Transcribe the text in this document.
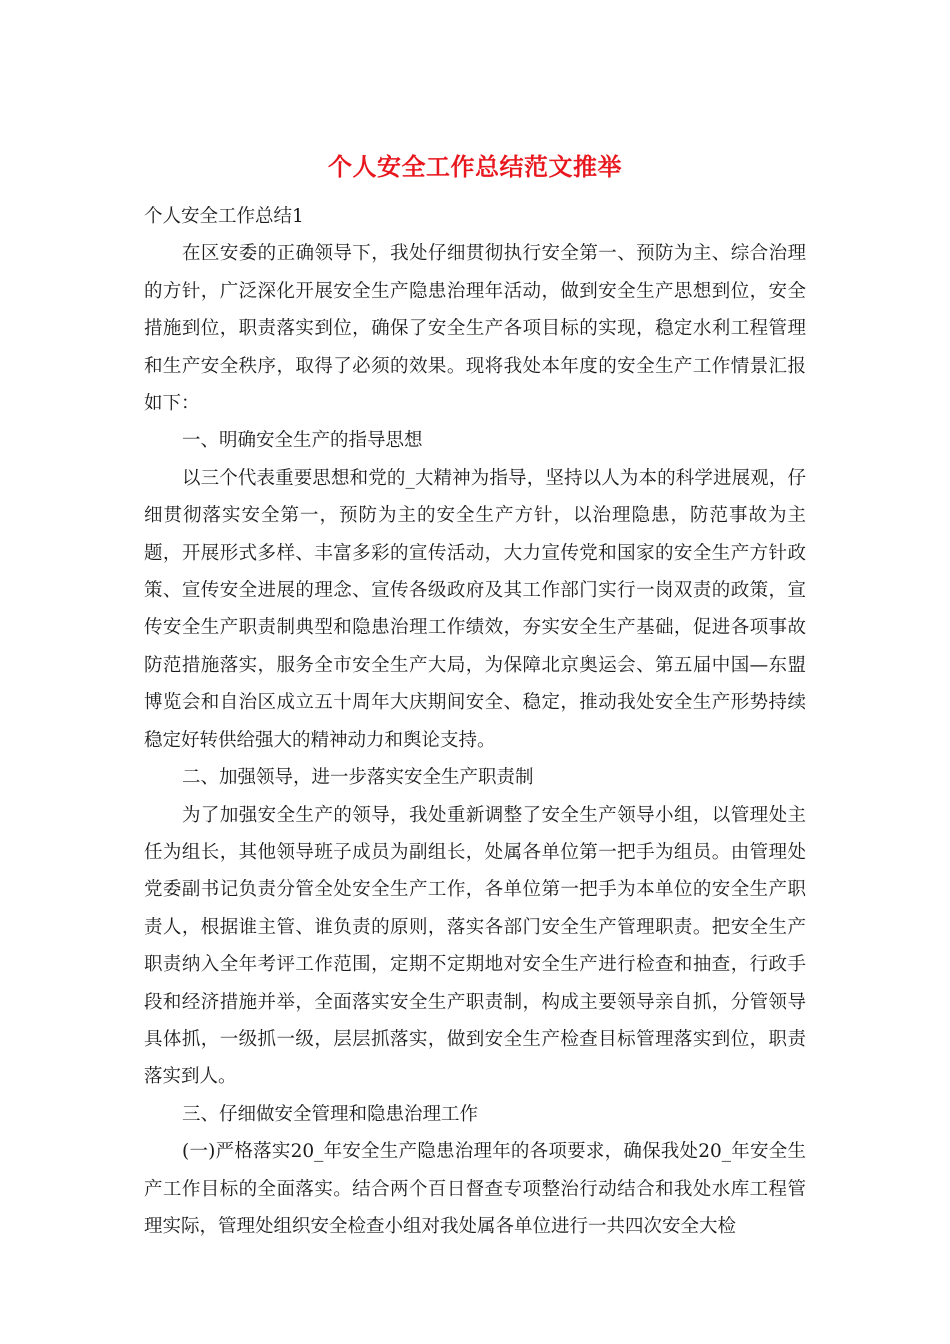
个人安全工作总结范文推举

个人安全工作总结1

在区安委的正确领导下，我处仔细贯彻执行安全第一、预防为主、综合治理的方针，广泛深化开展安全生产隐患治理年活动，做到安全生产思想到位，安全措施到位，职责落实到位，确保了安全生产各项目标的实现，稳定水利工程管理和生产安全秩序，取得了必须的效果。现将我处本年度的安全生产工作情景汇报如下：

一、明确安全生产的指导思想

以三个代表重要思想和党的_大精神为指导，坚持以人为本的科学进展观，仔细贯彻落实安全第一，预防为主的安全生产方针，以治理隐患，防范事故为主题，开展形式多样、丰富多彩的宣传活动，大力宣传党和国家的安全生产方针政策、宣传安全进展的理念、宣传各级政府及其工作部门实行一岗双责的政策，宣传安全生产职责制典型和隐患治理工作绩效，夯实安全生产基础，促进各项事故防范措施落实，服务全市安全生产大局，为保障北京奥运会、第五届中国—东盟博览会和自治区成立五十周年大庆期间安全、稳定，推动我处安全生产形势持续稳定好转供给强大的精神动力和舆论支持。

二、加强领导，进一步落实安全生产职责制

为了加强安全生产的领导，我处重新调整了安全生产领导小组，以管理处主任为组长，其他领导班子成员为副组长，处属各单位第一把手为组员。由管理处党委副书记负责分管全处安全生产工作，各单位第一把手为本单位的安全生产职责人，根据谁主管、谁负责的原则，落实各部门安全生产管理职责。把安全生产职责纳入全年考评工作范围，定期不定期地对安全生产进行检查和抽查，行政手段和经济措施并举，全面落实安全生产职责制，构成主要领导亲自抓，分管领导具体抓，一级抓一级，层层抓落实，做到安全生产检查目标管理落实到位，职责落实到人。

三、仔细做安全管理和隐患治理工作

(一)严格落实20_年安全生产隐患治理年的各项要求，确保我处20_年安全生产工作目标的全面落实。结合两个百日督查专项整治行动结合和我处水库工程管理实际，管理处组织安全检查小组对我处属各单位进行一共四次安全大检
